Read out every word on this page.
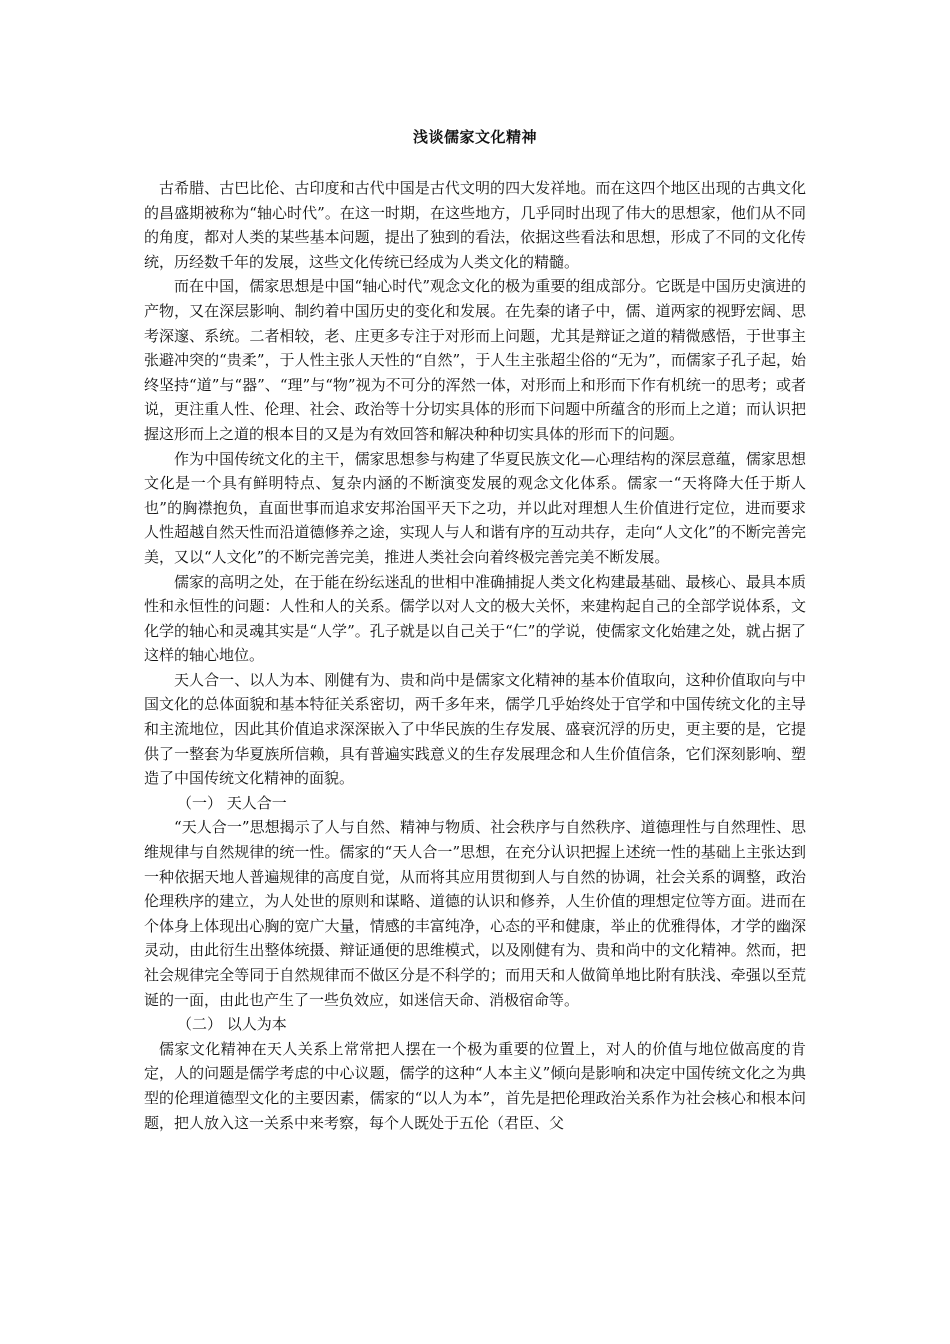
浅谈儒家文化精神

古希腊、古巴比伦、古印度和古代中国是古代文明的四大发祥地。而在这四个地区出现的古典文化的昌盛期被称为“轴心时代”。在这一时期，在这些地方，几乎同时出现了伟大的思想家，他们从不同的角度，都对人类的某些基本问题，提出了独到的看法，依据这些看法和思想，形成了不同的文化传统，历经数千年的发展，这些文化传统已经成为人类文化的精髓。

而在中国，儒家思想是中国“轴心时代”观念文化的极为重要的组成部分。它既是中国历史演进的产物，又在深层影响、制约着中国历史的变化和发展。在先秦的诸子中，儒、道两家的视野宏阔、思考深邃、系统。二者相较，老、庄更多专注于对形而上问题，尤其是辩证之道的精微感悟，于世事主张避冲突的“贵柔”，于人性主张人天性的“自然”，于人生主张超尘俗的“无为”，而儒家子孔子起，始终坚持“道”与“器”、“理”与“物”视为不可分的浑然一体，对形而上和形而下作有机统一的思考；或者说，更注重人性、伦理、社会、政治等十分切实具体的形而下问题中所蕴含的形而上之道；而认识把握这形而上之道的根本目的又是为有效回答和解决种种切实具体的形而下的问题。

作为中国传统文化的主干，儒家思想参与构建了华夏民族文化—心理结构的深层意蕴，儒家思想文化是一个具有鲜明特点、复杂内涵的不断演变发展的观念文化体系。儒家一“天将降大任于斯人也”的胸襟抱负，直面世事而追求安邦治国平天下之功，并以此对理想人生价值进行定位，进而要求人性超越自然天性而沿道德修养之途，实现人与人和谐有序的互动共存，走向“人文化”的不断完善完美，又以“人文化”的不断完善完美，推进人类社会向着终极完善完美不断发展。

儒家的高明之处，在于能在纷纭迷乱的世相中准确捕捉人类文化构建最基础、最核心、最具本质性和永恒性的问题：人性和人的关系。儒学以对人文的极大关怀，来建构起自己的全部学说体系，文化学的轴心和灵魂其实是“人学”。孔子就是以自己关于“仁”的学说，使儒家文化始建之处，就占据了这样的轴心地位。

天人合一、以人为本、刚健有为、贵和尚中是儒家文化精神的基本价值取向，这种价值取向与中国文化的总体面貌和基本特征关系密切，两千多年来，儒学几乎始终处于官学和中国传统文化的主导和主流地位，因此其价值追求深深嵌入了中华民族的生存发展、盛衰沉浮的历史，更主要的是，它提供了一整套为华夏族所信赖，具有普遍实践意义的生存发展理念和人生价值信条，它们深刻影响、塑造了中国传统文化精神的面貌。

（一） 天人合一

“天人合一”思想揭示了人与自然、精神与物质、社会秩序与自然秩序、道德理性与自然理性、思维规律与自然规律的统一性。儒家的“天人合一”思想，在充分认识把握上述统一性的基础上主张达到一种依据天地人普遍规律的高度自觉，从而将其应用贯彻到人与自然的协调，社会关系的调整，政治伦理秩序的建立，为人处世的原则和谋略、道德的认识和修养，人生价值的理想定位等方面。进而在个体身上体现出心胸的宽广大量，情感的丰富纯净，心态的平和健康，举止的优雅得体，才学的幽深灵动，由此衍生出整体统摄、辩证通便的思维模式，以及刚健有为、贵和尚中的文化精神。然而，把社会规律完全等同于自然规律而不做区分是不科学的；而用天和人做简单地比附有肤浅、牵强以至荒诞的一面，由此也产生了一些负效应，如迷信天命、消极宿命等。

（二） 以人为本

儒家文化精神在天人关系上常常把人摆在一个极为重要的位置上，对人的价值与地位做高度的肯定，人的问题是儒学考虑的中心议题，儒学的这种“人本主义”倾向是影响和决定中国传统文化之为典型的伦理道德型文化的主要因素，儒家的“以人为本”，首先是把伦理政治关系作为社会核心和根本问题，把人放入这一关系中来考察，每个人既处于五伦（君臣、父
